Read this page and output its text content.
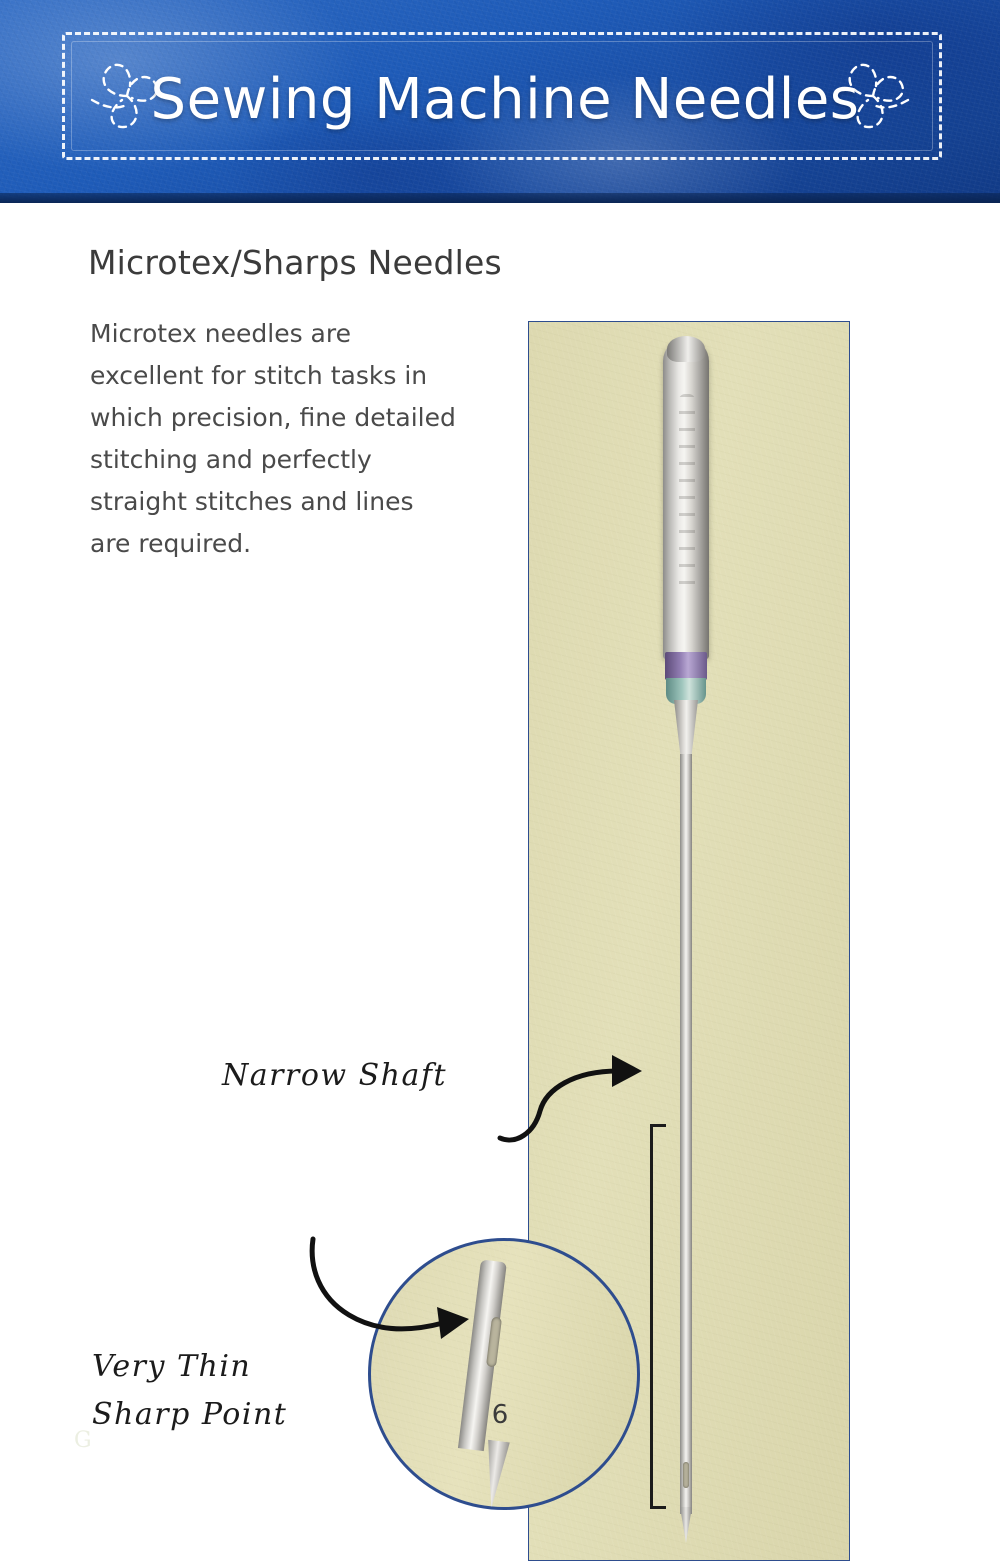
Sewing Machine Needles
Microtex/Sharps Needles
Microtex needles are excellent for stitch tasks in which precision, fine detailed stitching and perfectly straight stitches and lines are required.
Narrow Shaft
Very Thin
Sharp Point	6
G
